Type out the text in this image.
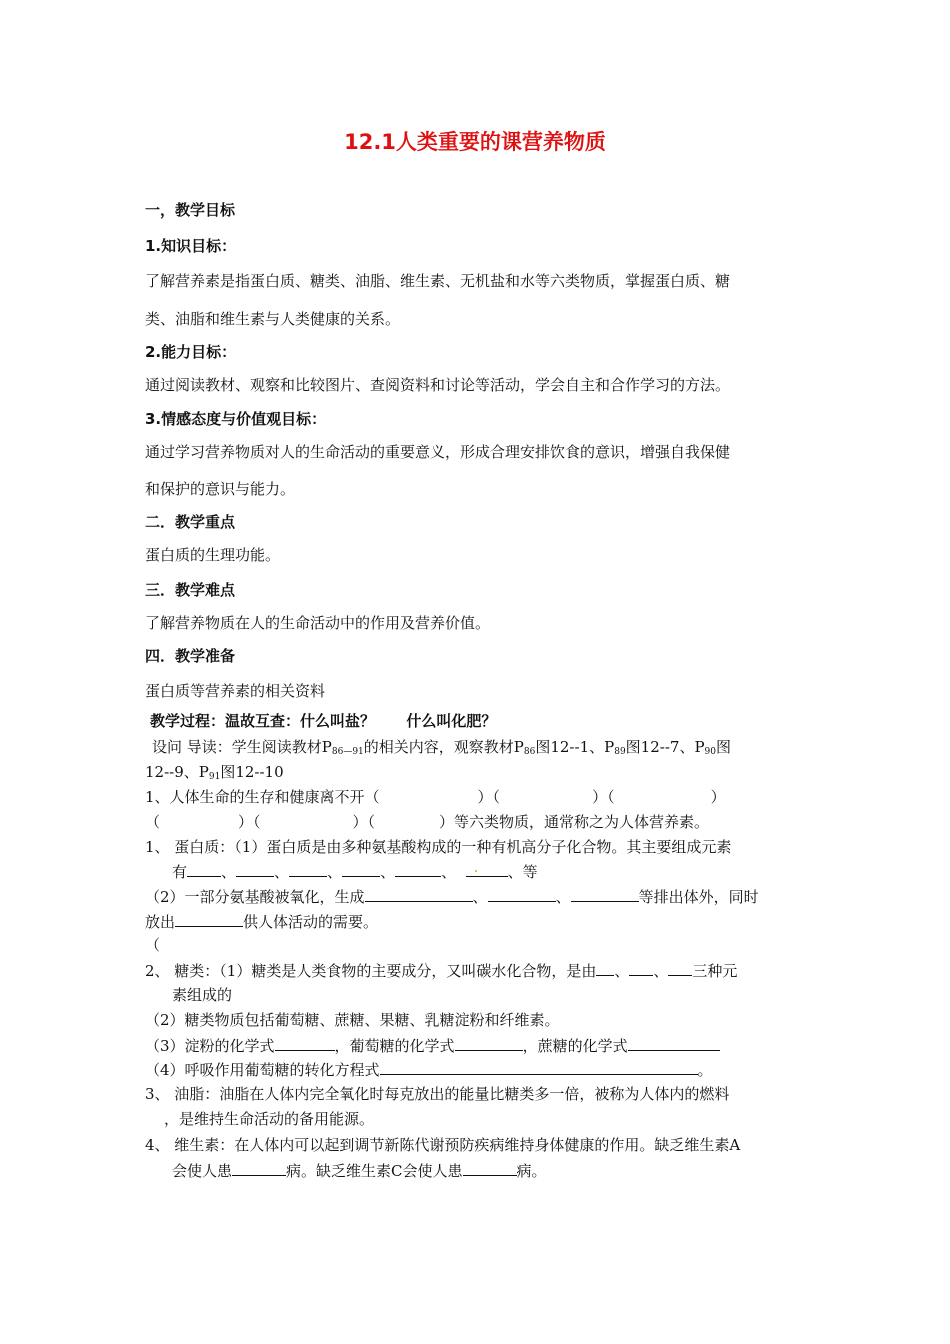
12.1人类重要的课营养物质
一，教学目标
1.知识目标：
了解营养素是指蛋白质、糖类、油脂、维生素、无机盐和水等六类物质，掌握蛋白质、糖
类、油脂和维生素与人类健康的关系。
2.能力目标：
通过阅读教材、观察和比较图片、查阅资料和讨论等活动，学会自主和合作学习的方法。
3.情感态度与价值观目标：
通过学习营养物质对人的生命活动的重要意义，形成合理安排饮食的意识，增强自我保健
和保护的意识与能力。
二．教学重点
蛋白质的生理功能。
三．教学难点
了解营养物质在人的生命活动中的作用及营养价值。
四．教学准备
蛋白质等营养素的相关资料
教学过程：温故互查：什么叫盐？ 什么叫化肥？
设问 导读：学生阅读教材$P_{86—91}$的相关内容，观察教材$P_{86}$图12--1、$P_{89}$图12--7、$P_{90}$图
12--9、$P_{91}$图12--10
1、人体生命的生存和健康离不开（	）（	）（	）
（	）（	）（	）等六类物质，通常称之为人体营养素。
1、 蛋白质：（1）蛋白质是由多种氨基酸构成的一种有机高分子化合物。其主要组成元素
有 、	、	、	、	、 . 、等
（2）一部分氨基酸被氧化，生成	、	、	等排出体外，同时
放出	供人体活动的需要。
（
2、 糖类：（1）糖类是人类食物的主要成分，又叫碳水化合物，是由 、 、 三种元
素组成的
（2）糖类物质包括葡萄糖、蔗糖、果糖、乳糖淀粉和纤维素。
（3）淀粉的化学式	，葡萄糖的化学式	，蔗糖的化学式
（4）呼吸作用葡萄糖的转化方程式	。
3、 油脂：油脂在人体内完全氧化时每克放出的能量比糖类多一倍，被称为人体内的燃料
，是维持生命活动的备用能源。
4、 维生素：在人体内可以起到调节新陈代谢预防疾病维持身体健康的作用。缺乏维生素A
会使人患	病。缺乏维生素C会使人患	病。
